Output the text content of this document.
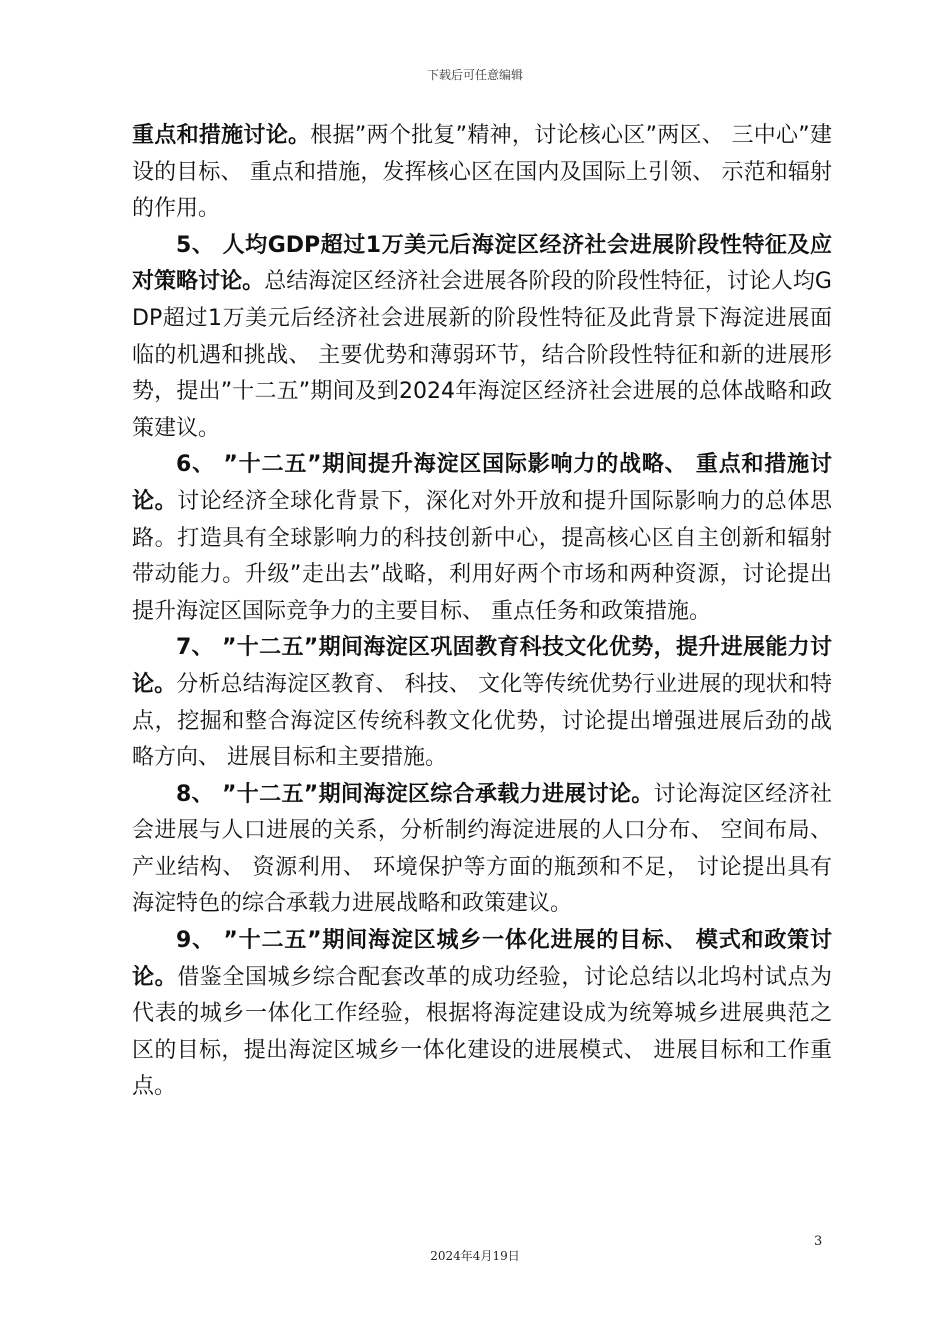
下载后可任意编辑

重点和措施讨论。根据”两个批复”精神，讨论核心区”两区、 三中心”建设的目标、 重点和措施，发挥核心区在国内及国际上引领、 示范和辐射的作用。

5、 人均GDP超过1万美元后海淀区经济社会进展阶段性特征及应对策略讨论。总结海淀区经济社会进展各阶段的阶段性特征，讨论人均GDP超过1万美元后经济社会进展新的阶段性特征及此背景下海淀进展面临的机遇和挑战、 主要优势和薄弱环节，结合阶段性特征和新的进展形势，提出”十二五”期间及到2024年海淀区经济社会进展的总体战略和政策建议。

6、 ”十二五”期间提升海淀区国际影响力的战略、 重点和措施讨论。讨论经济全球化背景下，深化对外开放和提升国际影响力的总体思路。打造具有全球影响力的科技创新中心，提高核心区自主创新和辐射带动能力。升级”走出去”战略，利用好两个市场和两种资源，讨论提出提升海淀区国际竞争力的主要目标、 重点任务和政策措施。

7、 ”十二五”期间海淀区巩固教育科技文化优势，提升进展能力讨论。分析总结海淀区教育、 科技、 文化等传统优势行业进展的现状和特点，挖掘和整合海淀区传统科教文化优势，讨论提出增强进展后劲的战略方向、 进展目标和主要措施。

8、 ”十二五”期间海淀区综合承载力进展讨论。讨论海淀区经济社会进展与人口进展的关系，分析制约海淀进展的人口分布、 空间布局、 产业结构、 资源利用、 环境保护等方面的瓶颈和不足， 讨论提出具有海淀特色的综合承载力进展战略和政策建议。

9、 ”十二五”期间海淀区城乡一体化进展的目标、 模式和政策讨论。借鉴全国城乡综合配套改革的成功经验，讨论总结以北坞村试点为代表的城乡一体化工作经验，根据将海淀建设成为统筹城乡进展典范之区的目标，提出海淀区城乡一体化建设的进展模式、 进展目标和工作重点。

3
2024年4月19日
